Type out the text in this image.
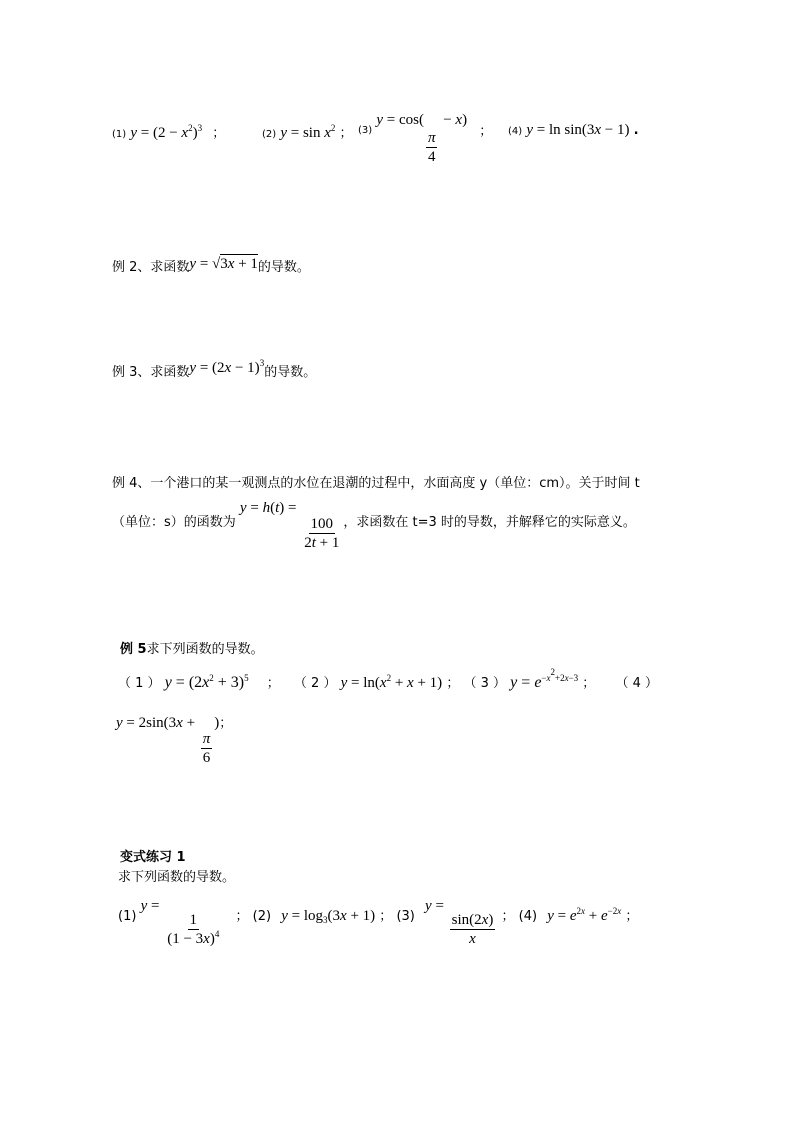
(1) $y = (2 - x^2)^3$ ；	(2) $y = \sin x^2$ ； $_{(3)}$ y = cos(
$\frac{\pi}{4}$
− x) ； (4) y = ln sin(3x − 1) .
例 2、求函数y = √3x + 1的导数。
例 3、求函数$y = (2x - 1)^3$的导数。
例 4、一个港口的某一观测点的水位在退潮的过程中，水面高度 y（单位：cm）。关于时间 t
（单位：s）的函数为 y = h(t) =
$\frac{100}{2t + 1}$ ，求函数在 t=3 时的导数，并解释它的实际意义。
例 5求下列函数的导数。
（ 1 ） $y = (2x^2 + 3)^5$ ； （ 2 ） $y = \ln(x^2 + x + 1)$ ； （ 3 ） $y = e^{-x^2+2x-3}$ ； （ 4 ）
y = 2sin(3x +
$\frac{\pi}{6}$
)；
变式练习 1
求下列函数的导数。
(1) y =
$\frac{1}{(1 - 3x)^4}$ ； (2) $y = \log_3(3x + 1)$ ； (3) y =
$\frac{\sin(2x)}{x}$ ； (4) $y = e^{2x} + e^{-2x}$ ；
